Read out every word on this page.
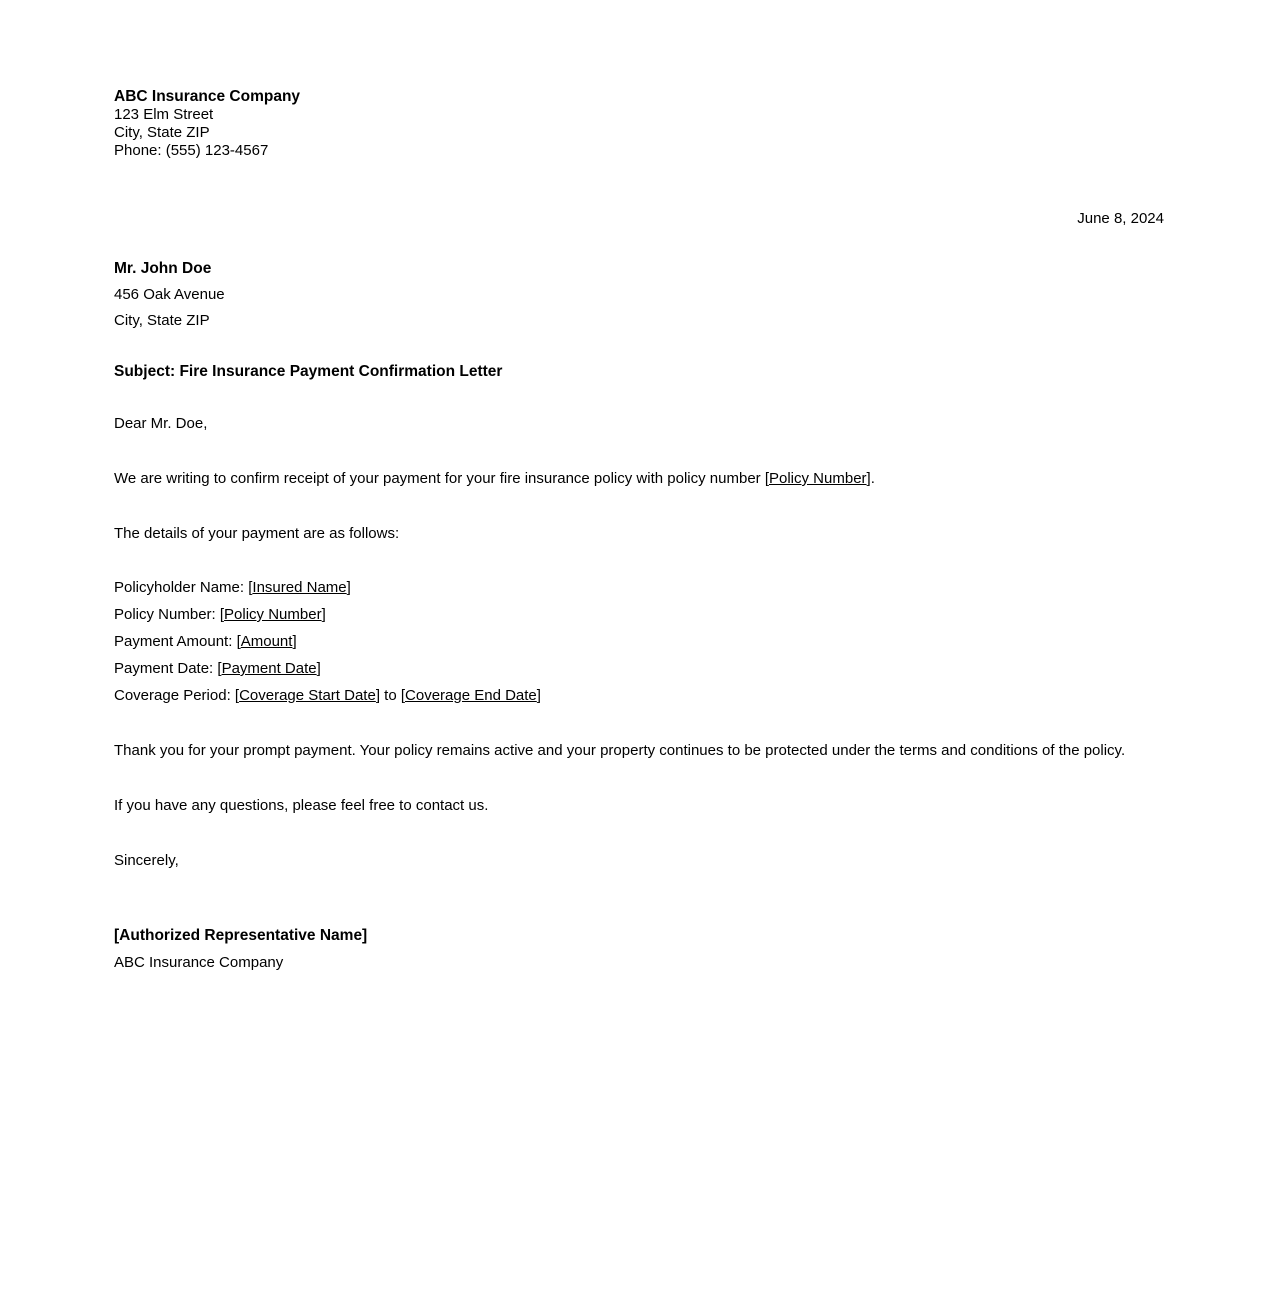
ABC Insurance Company
123 Elm Street
City, State ZIP
Phone: (555) 123-4567
June 8, 2024
Mr. John Doe
456 Oak Avenue
City, State ZIP
Subject: Fire Insurance Payment Confirmation Letter
Dear Mr. Doe,
We are writing to confirm receipt of your payment for your fire insurance policy with policy number [Policy Number].
The details of your payment are as follows:
Policyholder Name: [Insured Name]
Policy Number: [Policy Number]
Payment Amount: [Amount]
Payment Date: [Payment Date]
Coverage Period: [Coverage Start Date] to [Coverage End Date]
Thank you for your prompt payment. Your policy remains active and your property continues to be protected under the terms and conditions of the policy.
If you have any questions, please feel free to contact us.
Sincerely,
[Authorized Representative Name]
ABC Insurance Company
